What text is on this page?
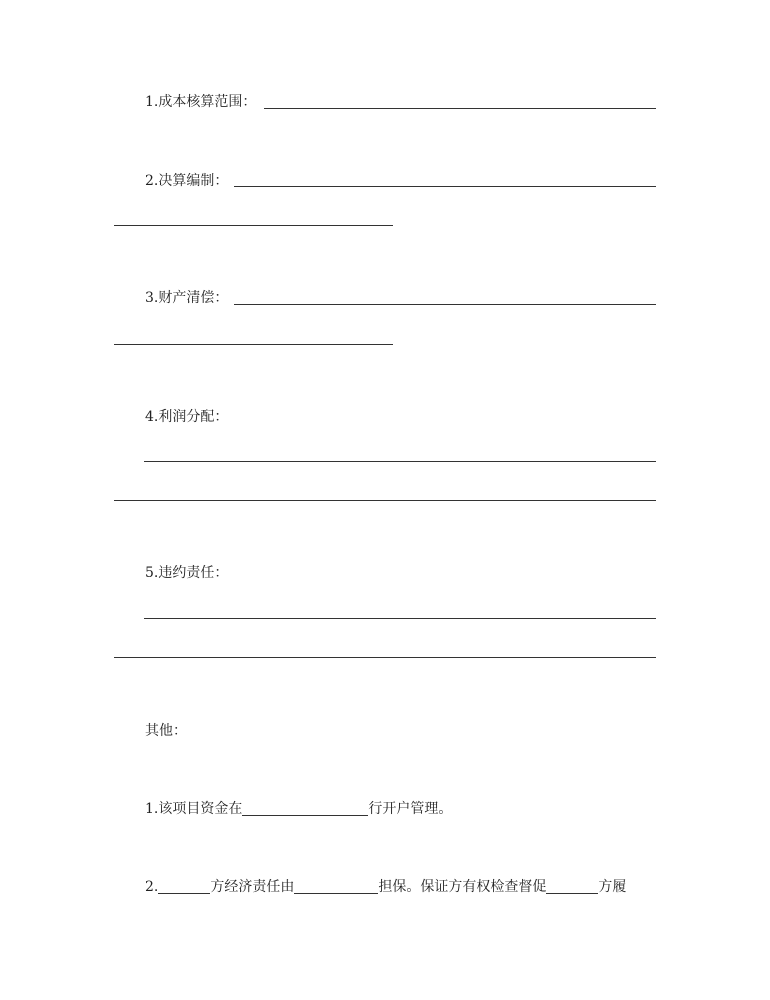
1.成本核算范围：
2.决算编制：
3.财产清偿：
4.利润分配：
5.违约责任：
其他：
1.该项目资金在	行开户管理。
2.	方经济责任由	担保。保证方有权检查督促	方履
